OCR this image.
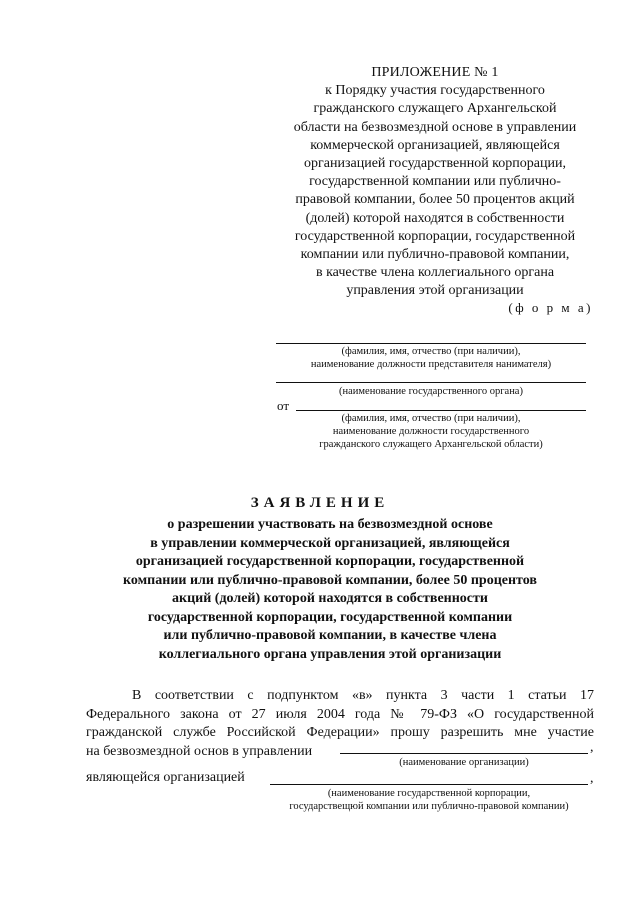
ПРИЛОЖЕНИЕ № 1
к Порядку участия государственного
гражданского служащего Архангельской
области на безвозмездной основе в управлении
коммерческой организацией, являющейся
организацией государственной корпорации,
государственной компании или публично-
правовой компании, более 50 процентов акций
(долей) которой находятся в собственности
государственной корпорации, государственной
компании или публично-правовой компании,
в качестве члена коллегиального органа
управления этой организации
(ф о р м а)
(фамилия, имя, отчество (при наличии),
наименование должности представителя нанимателя)
(наименование государственного органа)
от
(фамилия, имя, отчество (при наличии),
наименование должности государственного
гражданского служащего Архангельской области)
ЗАЯВЛЕНИЕ
о разрешении участвовать на безвозмездной основе
в управлении коммерческой организацией, являющейся
организацией государственной корпорации, государственной
компании или публично-правовой компании, более 50 процентов
акций (долей) которой находятся в собственности
государственной корпорации, государственной компании
или публично-правовой компании, в качестве члена
коллегиального органа управления этой организации
В соответствии с подпунктом «в» пункта 3 части 1 статьи 17
Федерального закона от 27 июля 2004 года № 79-ФЗ «О государственной
гражданской службе Российской Федерации» прошу разрешить мне участие
на безвозмездной основ в управлении	,
(наименование организации)
являющейся организацией	,
(наименование государственной корпорации,
государствещюй компании или публично-правовой компании)
